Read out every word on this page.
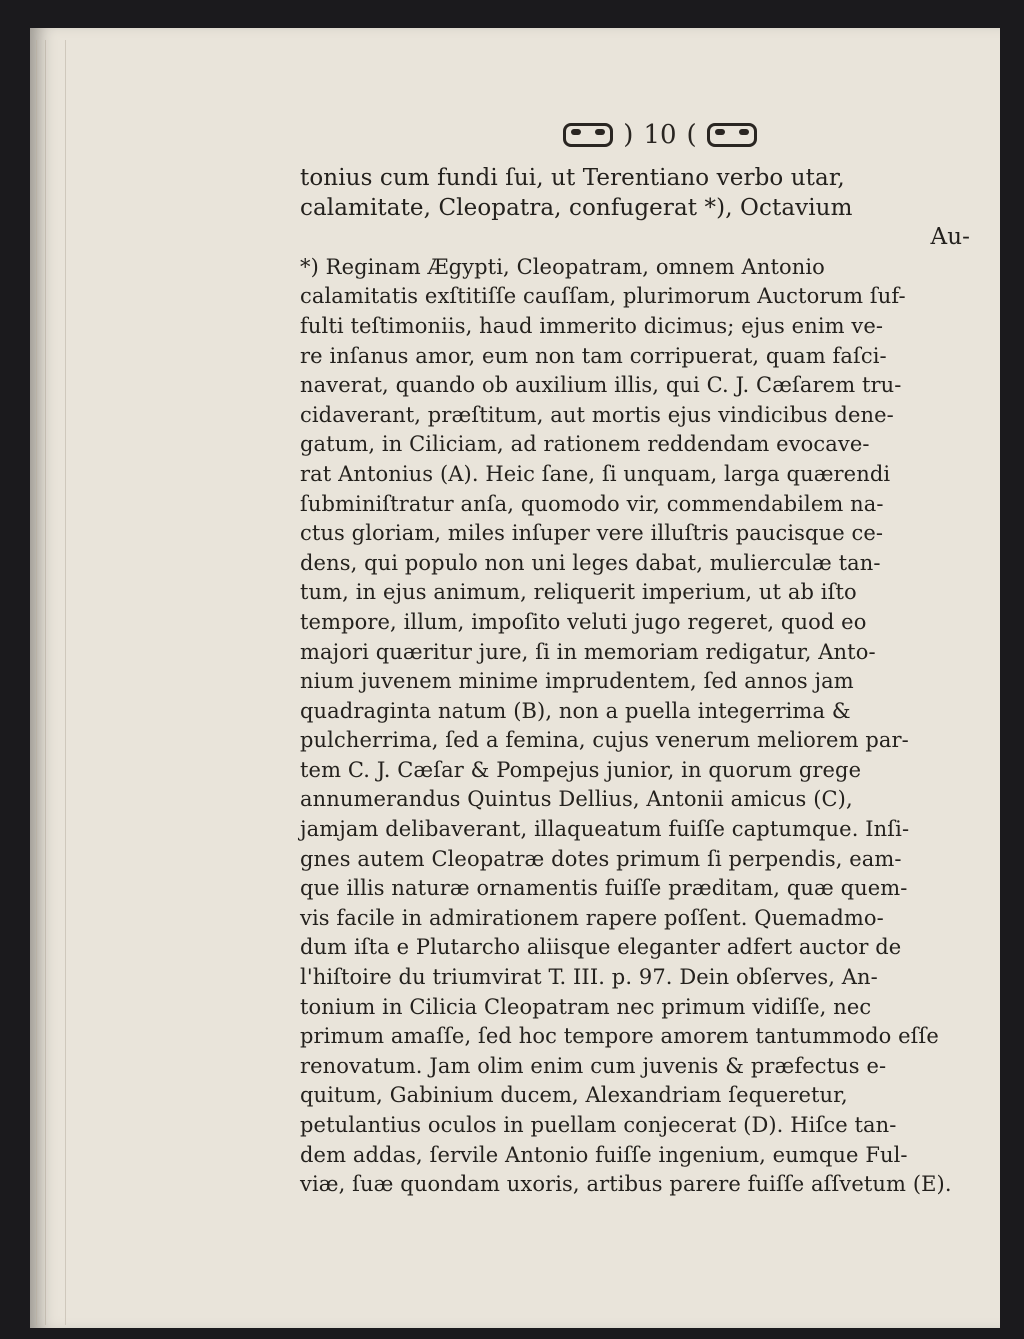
) 10 (
tonius cum fundi ſui, ut Terentiano verbo utar,
calamitate, Cleopatra, confugerat *), Octavium
Au-
*) Reginam Ægypti, Cleopatram, omnem Antonio
calamitatis exſtitiſſe cauſſam, plurimorum Auctorum ſuf-
fulti teſtimoniis, haud immerito dicimus; ejus enim ve-
re inſanus amor, eum non tam corripuerat, quam faſci-
naverat, quando ob auxilium illis, qui C. J. Cæſarem tru-
cidaverant, præſtitum, aut mortis ejus vindicibus dene-
gatum, in Ciliciam, ad rationem reddendam evocave-
rat Antonius (A). Heic ſane, ſi unquam, larga quærendi
ſubminiſtratur anſa, quomodo vir, commendabilem na-
ctus gloriam, miles inſuper vere illuſtris paucisque ce-
dens, qui populo non uni leges dabat, mulierculæ tan-
tum, in ejus animum, reliquerit imperium, ut ab iſto
tempore, illum, impoſito veluti jugo regeret, quod eo
majori quæritur jure, ſi in memoriam redigatur, Anto-
nium juvenem minime imprudentem, ſed annos jam
quadraginta natum (B), non a puella integerrima &
pulcherrima, ſed a femina, cujus venerum meliorem par-
tem C. J. Cæſar & Pompejus junior, in quorum grege
annumerandus Quintus Dellius, Antonii amicus (C),
jamjam delibaverant, illaqueatum fuiſſe captumque. Inſi-
gnes autem Cleopatræ dotes primum ſi perpendis, eam-
que illis naturæ ornamentis fuiſſe præditam, quæ quem-
vis facile in admirationem rapere poſſent. Quemadmo-
dum iſta e Plutarcho aliisque eleganter adfert auctor de
l'hiſtoire du triumvirat T. III. p. 97. Dein obſerves, An-
tonium in Cilicia Cleopatram nec primum vidiſſe, nec
primum amaſſe, ſed hoc tempore amorem tantummodo eſſe
renovatum. Jam olim enim cum juvenis & præfectus e-
quitum, Gabinium ducem, Alexandriam ſequeretur,
petulantius oculos in puellam conjecerat (D). Hiſce tan-
dem addas, ſervile Antonio fuiſſe ingenium, eumque Ful-
viæ, ſuæ quondam uxoris, artibus parere fuiſſe aſſvetum (E).
